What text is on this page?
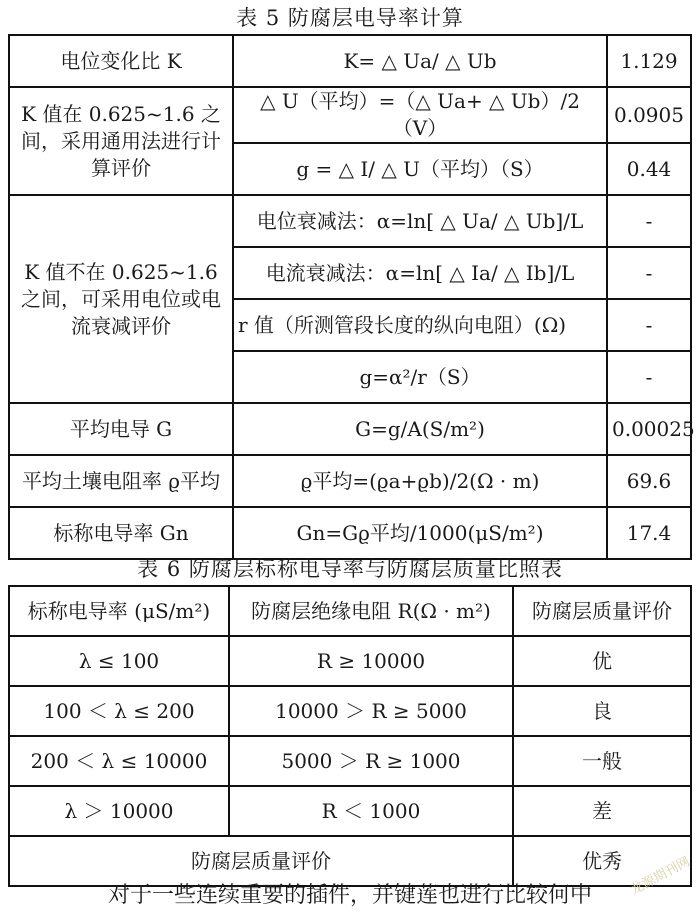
表 5 防腐层电导率计算
电位变化比 K	K= △ Ua/ △ Ub	1.129
K 值在 0.625~1.6 之间，采用通用法进行计算评价	△ U（平均）=（△ Ua+ △ Ub）/2（V）	0.0905
	g = △ I/ △ U（平均）（S）	0.44
K 值不在 0.625~1.6 之间，可采用电位或电流衰减评价	电位衰减法：α=ln[ △ Ua/ △ Ub]/L	-
	电流衰减法：α=ln[ △ Ia/ △ Ib]/L	-
	r 值（所测管段长度的纵向电阻）(Ω)	-
	g=α²/r（S）	-
平均电导 G	G=g/A(S/m²)	0.00025
平均土壤电阻率 ϱ平均	ϱ平均=(ϱa+ϱb)/2(Ω · m)	69.6
标称电导率 Gn	Gn=Gϱ平均/1000(μS/m²)	17.4
表 6 防腐层标称电导率与防腐层质量比照表
标称电导率 (μS/m²)	防腐层绝缘电阻 R(Ω · m²)	防腐层质量评价
λ ≤ 100	R ≥ 10000	优
100 ＜ λ ≤ 200	10000 ＞ R ≥ 5000	良
200 ＜ λ ≤ 10000	5000 ＞ R ≥ 1000	一般
λ ＞ 10000	R ＜ 1000	差
防腐层质量评价		优秀
对于一些连续重要的插件，并键莲也进行比较何中	龙源期刊网
